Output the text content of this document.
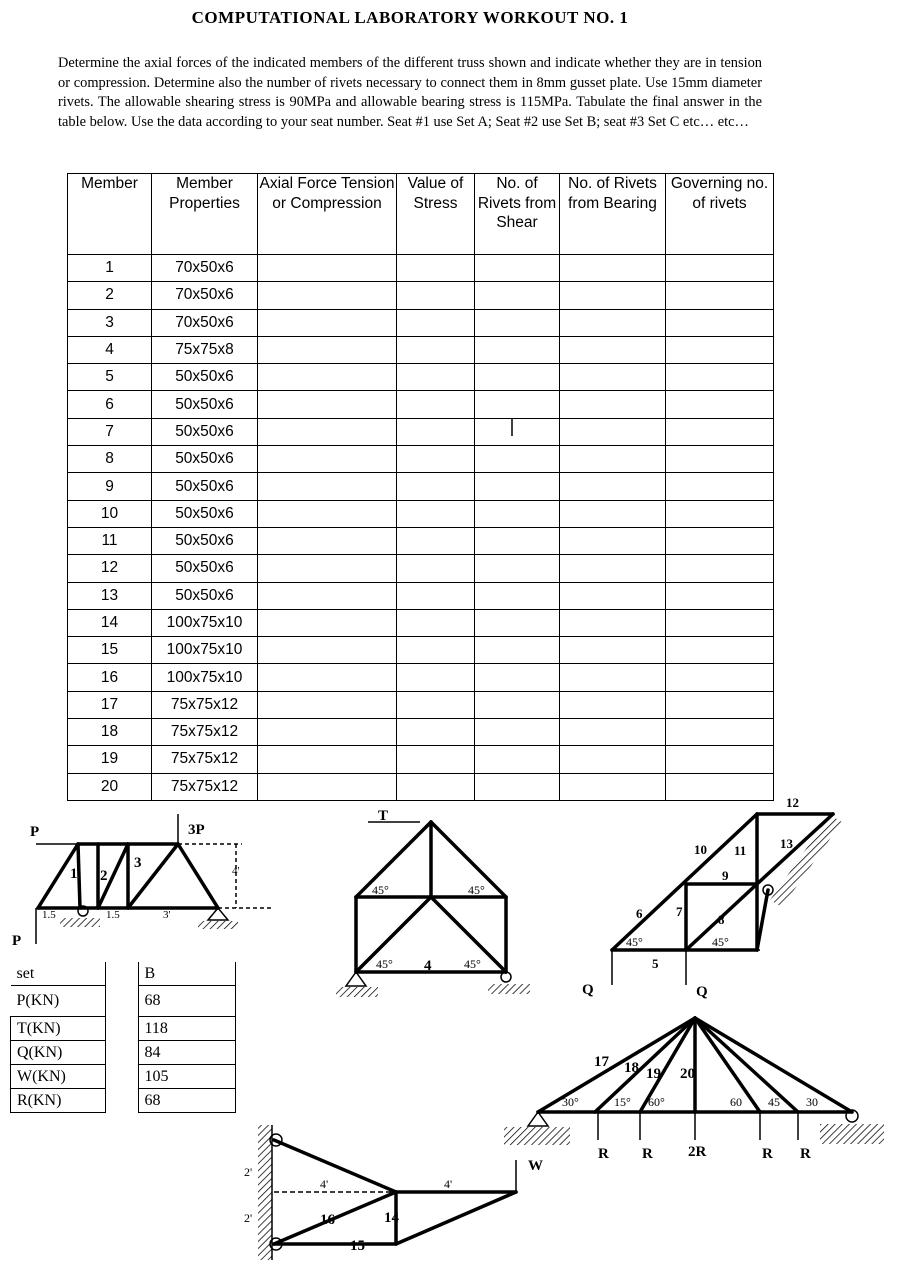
COMPUTATIONAL LABORATORY WORKOUT NO. 1
Determine the axial forces of the indicated members of the different truss shown and indicate whether they are in tension or compression. Determine also the number of rivets necessary to connect them in 8mm gusset plate. Use 15mm diameter rivets. The allowable shearing stress is 90MPa and allowable bearing stress is 115MPa. Tabulate the final answer in the table below. Use the data according to your seat number. Seat #1 use Set A; Seat #2 use Set B; seat #3 Set C etc… etc…
Member	Member Properties	Axial Force Tension or Compression	Value of Stress	No. of Rivets from Shear	No. of Rivets from Bearing	Governing no. of rivets
1	70x50x6					
2	70x50x6					
3	70x50x6					
4	75x75x8					
5	50x50x6					
6	50x50x6					
7	50x50x6					
8	50x50x6					
9	50x50x6					
10	50x50x6					
11	50x50x6					
12	50x50x6					
13	50x50x6					
14	100x75x10					
15	100x75x10					
16	100x75x10					
17	75x75x12					
18	75x75x12					
19	75x75x12					
20	75x75x12					
set		B
P(KN)		68
T(KN)		118
Q(KN)		84
W(KN)		105
R(KN)		68
P
P
3P
1 2
3
1.5	1.5	3'
4'
T
45°	45°
45°	45°
4
Q	Q
5
6	7
8
9
10 11
12
13
45°	45°
17 18 19 20
30°	15° 60°	60 45 30
R R 2R	R R
W
4'	4'
2'
2'	14
15
16
